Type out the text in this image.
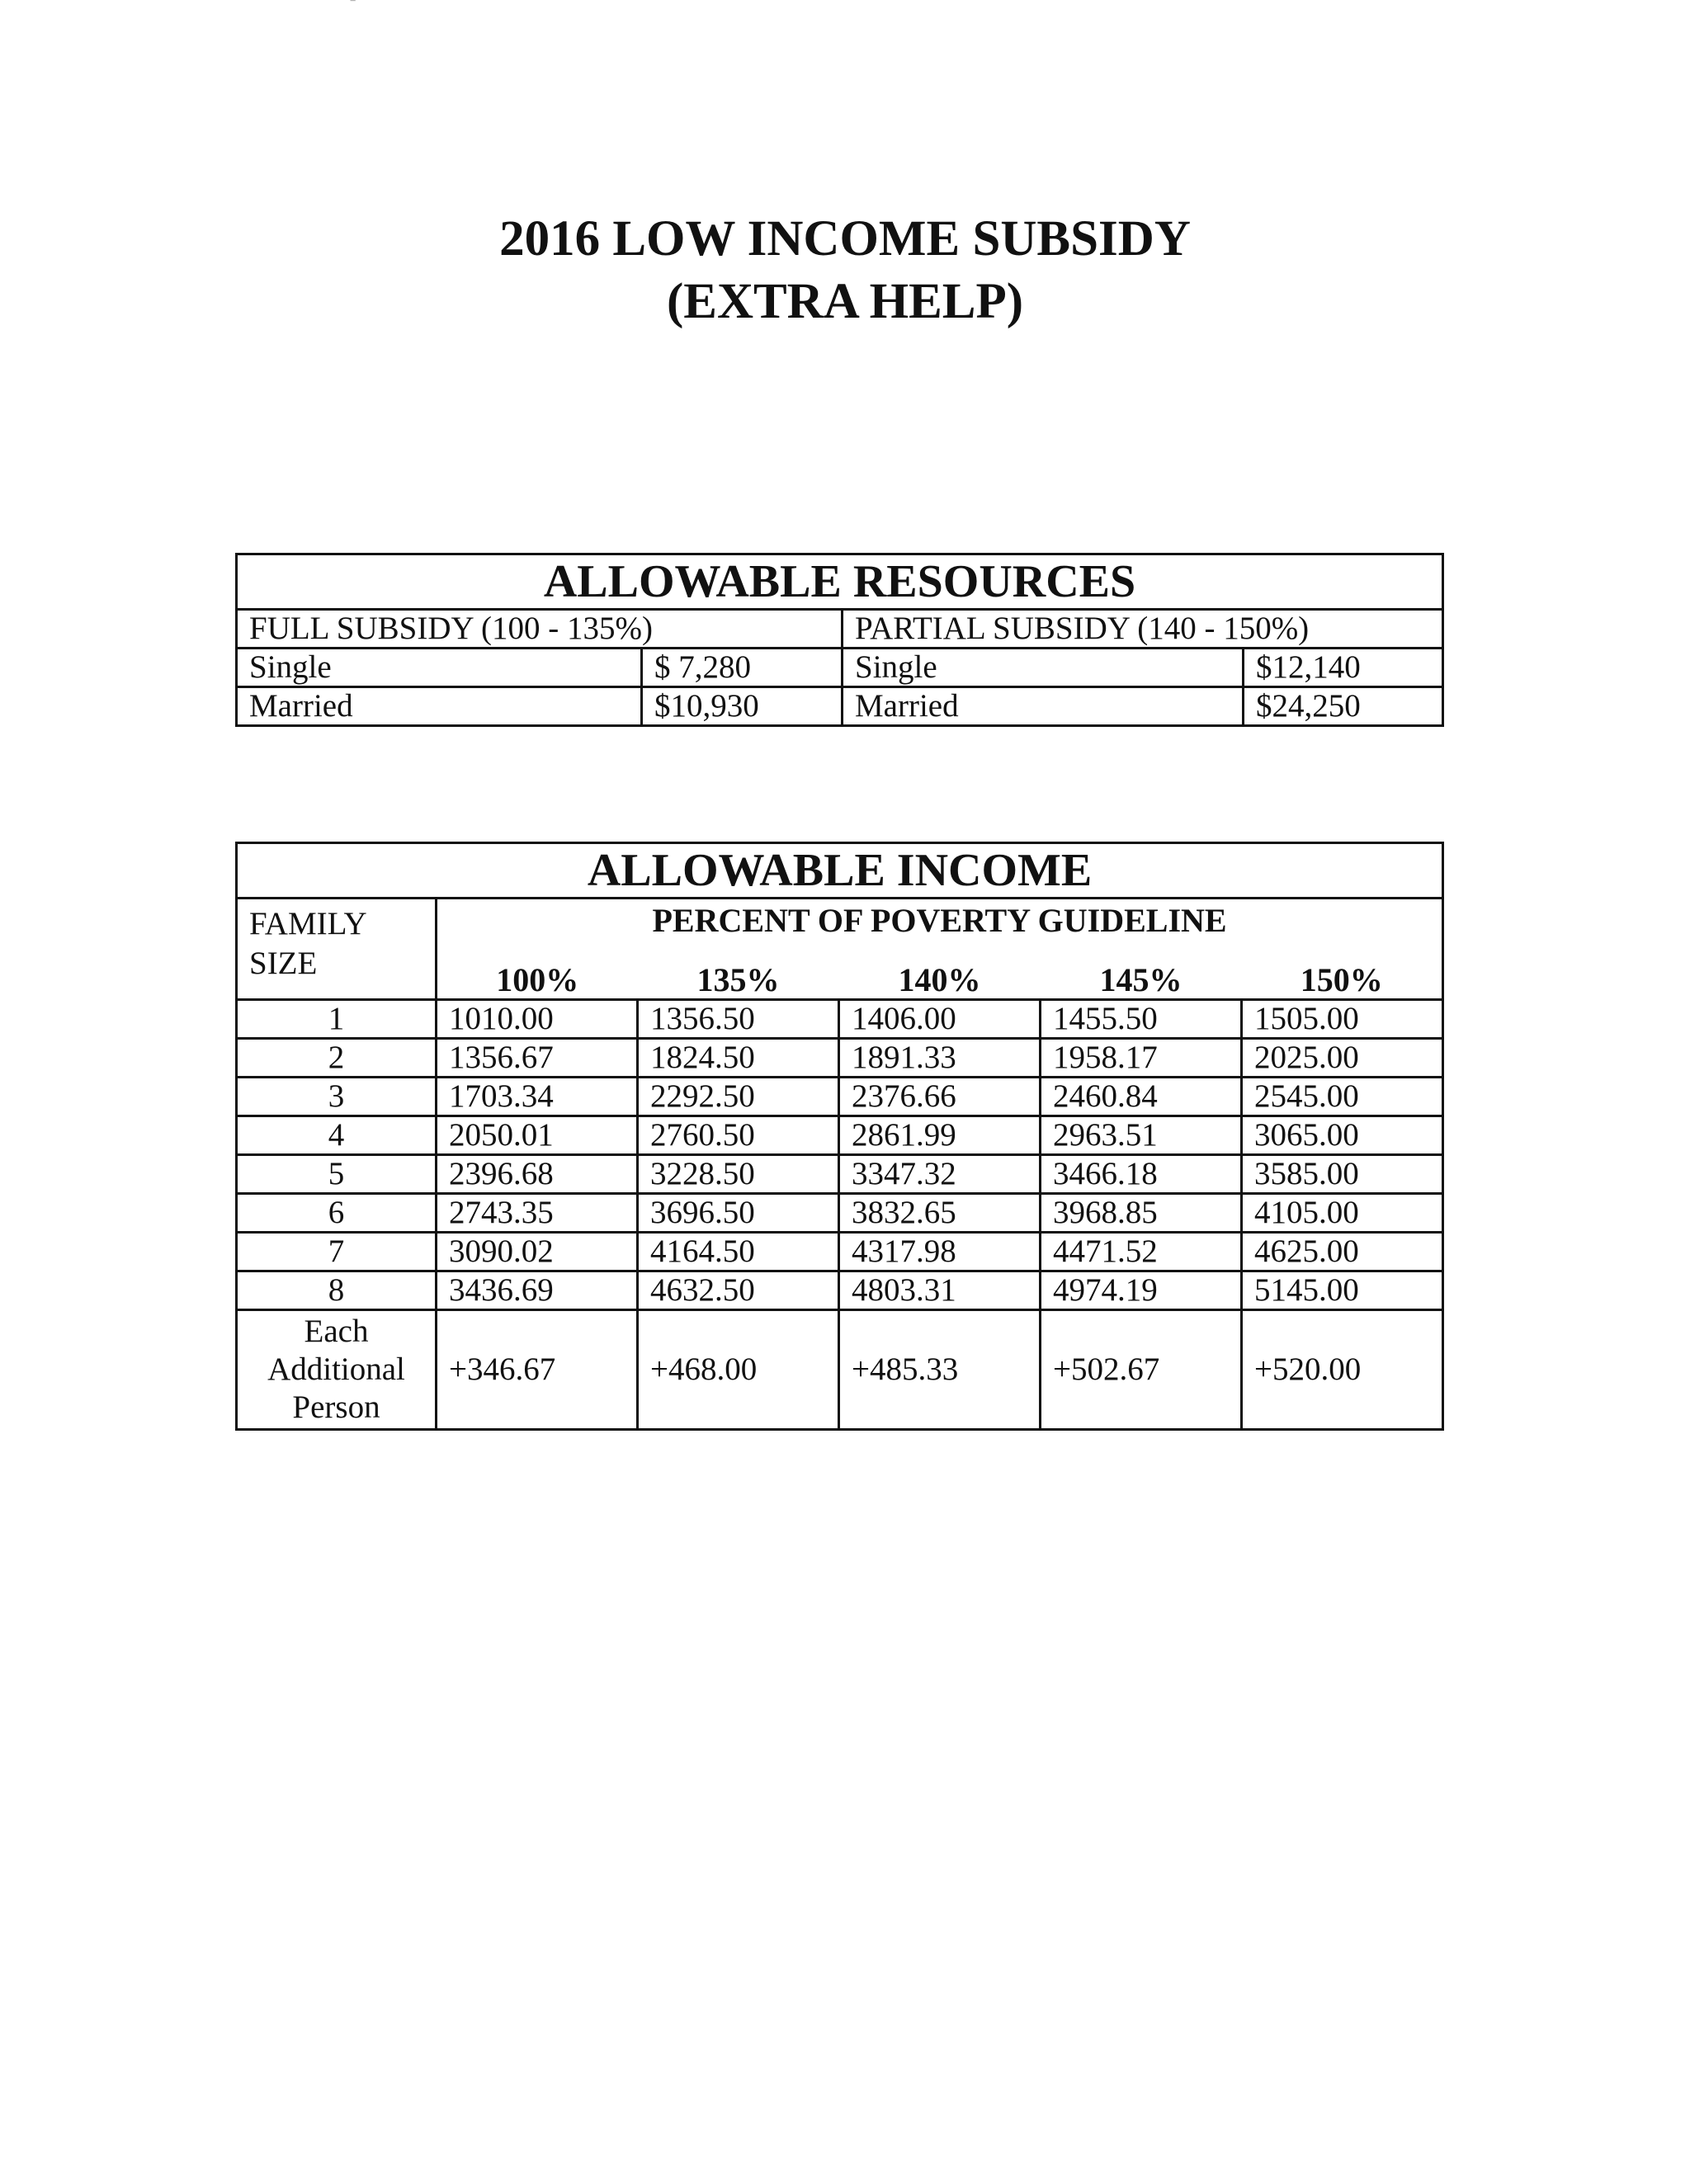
‾
2016 LOW INCOME SUBSIDY
(EXTRA HELP)
ALLOWABLE RESOURCES			
FULL SUBSIDY (100 - 135%)		PARTIAL SUBSIDY (140 - 150%)	
Single	$ 7,280	Single	$12,140
Married	$10,930	Married	$24,250
ALLOWABLE INCOME					
FAMILY SIZE	PERCENT OF POVERTY GUIDELINE				
	100%	135%	140%	145%	150%
1	1010.00	1356.50	1406.00	1455.50	1505.00
2	1356.67	1824.50	1891.33	1958.17	2025.00
3	1703.34	2292.50	2376.66	2460.84	2545.00
4	2050.01	2760.50	2861.99	2963.51	3065.00
5	2396.68	3228.50	3347.32	3466.18	3585.00
6	2743.35	3696.50	3832.65	3968.85	4105.00
7	3090.02	4164.50	4317.98	4471.52	4625.00
8	3436.69	4632.50	4803.31	4974.19	5145.00
Each Additional Person	+346.67	+468.00	+485.33	+502.67	+520.00
